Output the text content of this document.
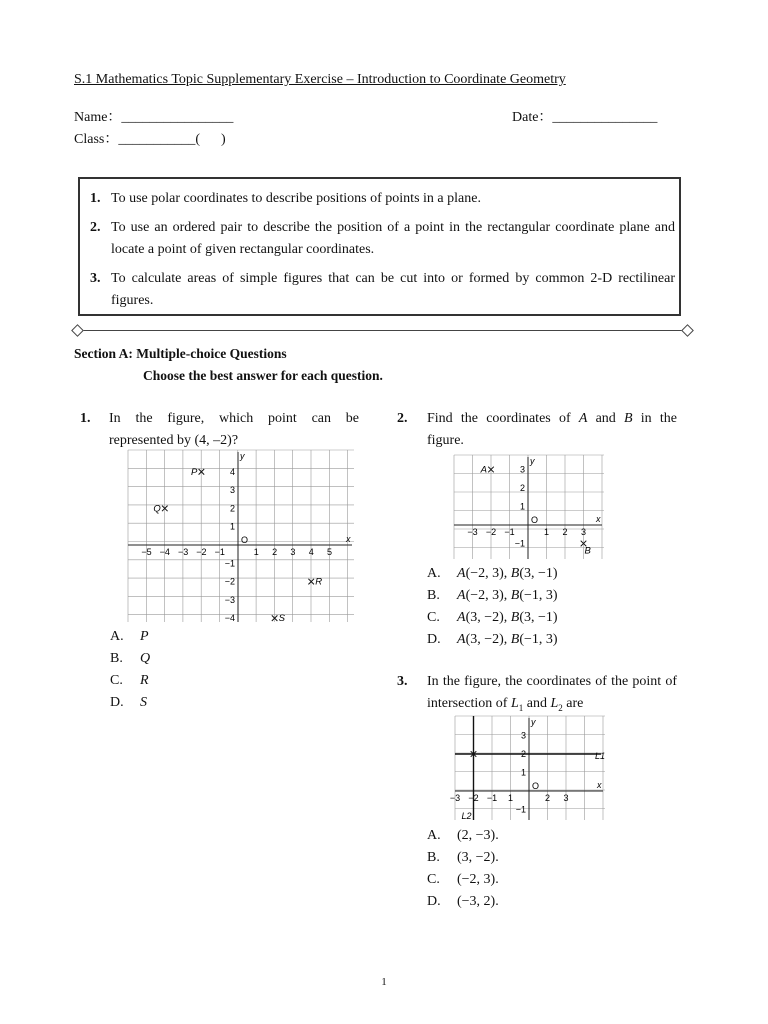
S.1 Mathematics Topic Supplementary Exercise – Introduction to Coordinate Geometry
Name：________________	Date：_______________
Class：___________(      )
1. To use polar coordinates to describe positions of points in a plane.
2. To use an ordered pair to describe the position of a point in the rectangular coordinate plane and locate a point of given rectangular coordinates.
3. To calculate areas of simple figures that can be cut into or formed by common 2-D rectilinear figures.
Section A: Multiple-choice Questions
Choose the best answer for each question.
1. In the figure, which point can be represented by (4, –2)?
x
y
O
−5 −4 −3 −2 −1	1 2 3 4 5
4
3
2
1
−1
−2
−3
−4
P
Q
R
S
A. P
B. Q
C. R
D. S
2. Find the coordinates of A and B in the figure.
x
y
O
−3 −2 −1	1 2 3
3
2
1
−1
A
B
A. A(−2, 3), B(3, −1)
B. A(−2, 3), B(−1, 3)
C. A(3, −2), B(3, −1)
D. A(3, −2), B(−1, 3)
3. In the figure, the coordinates of the point of intersection of $L_1$ and $L_2$ are
x
y
O
L1
L2
−3 −2 −1 1	2 3
3
2
1
−1
A. (2, −3).
B. (3, −2).
C. (−2, 3).
D. (−3, 2).
1
